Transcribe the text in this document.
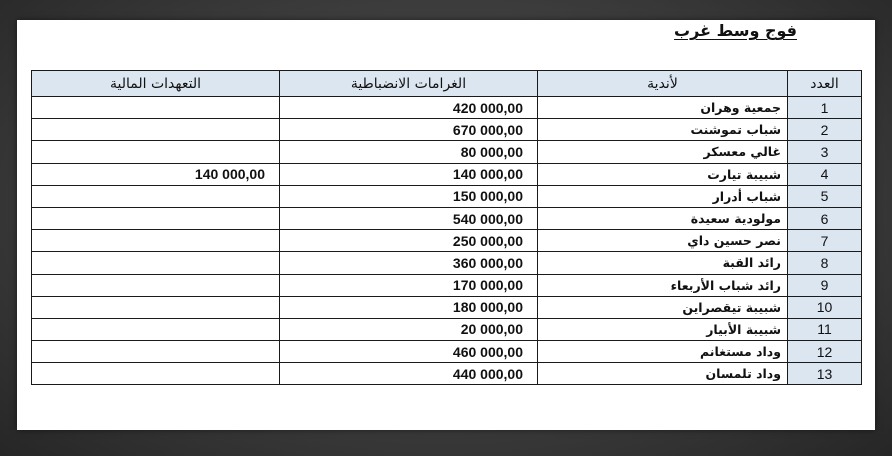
فوج وسط غرب
التعهدات المالية	الغرامات الانضباطية	لأندية	العدد
	420 000,00	جمعية وهران	1
	670 000,00	شباب تموشنت	2
	80 000,00	غالي معسكر	3
140 000,00	140 000,00	شبيبة تيارت	4
	150 000,00	شباب أدرار	5
	540 000,00	مولودية سعيدة	6
	250 000,00	نصر حسين داي	7
	360 000,00	رائد القبة	8
	170 000,00	رائد شباب الأربعاء	9
	180 000,00	شبيبة تيقصراين	10
	20 000,00	شبيبة الأبيار	11
	460 000,00	وداد مستغانم	12
	440 000,00	وداد تلمسان	13
